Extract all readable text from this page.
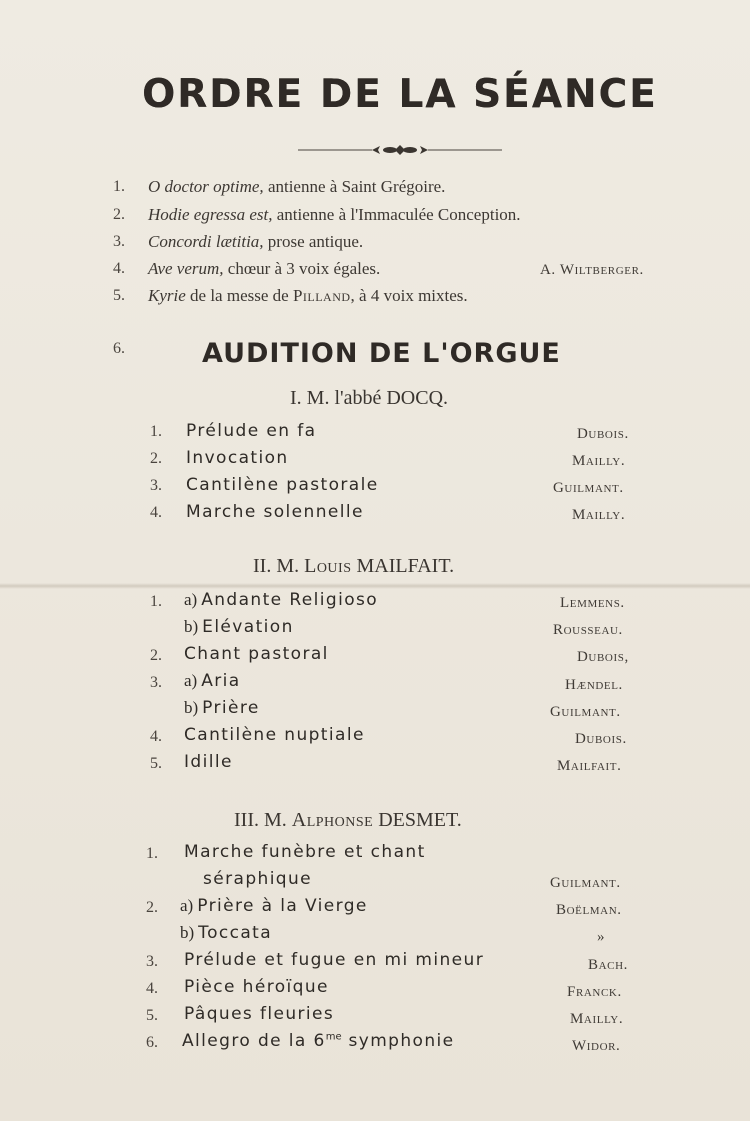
ORDRE DE LA SÉANCE
1. O doctor optime, antienne à Saint Grégoire.
2. Hodie egressa est, antienne à l'Immaculée Conception.
3. Concordi lætitia, prose antique.
4. Ave verum, chœur à 3 voix égales.	A. Wiltberger.
5. Kyrie de la messe de Pilland, à 4 voix mixtes.
6.	AUDITION DE L'ORGUE
I. M. l'abbé DOCQ.
1. Prélude en fa	Dubois.
2. Invocation	Mailly.
3. Cantilène pastorale	Guilmant.
4. Marche solennelle	Mailly.
II. M. Louis MAILFAIT.
1. a) Andante Religioso	Lemmens.
b) Elévation	Rousseau.
2. Chant pastoral	Dubois,
3. a) Aria	Hændel.
b) Prière	Guilmant.
4. Cantilène nuptiale	Dubois.
5. Idille	Mailfait.
III. M. Alphonse DESMET.
1. Marche funèbre et chant
séraphique	Guilmant.
2. a) Prière à la Vierge	Boëlman.
b) Toccata	»
3. Prélude et fugue en mi mineur	Bach.
4. Pièce héroïque	Franck.
5. Pâques fleuries	Mailly.
6. Allegro de la $6^{me}$ symphonie	Widor.
